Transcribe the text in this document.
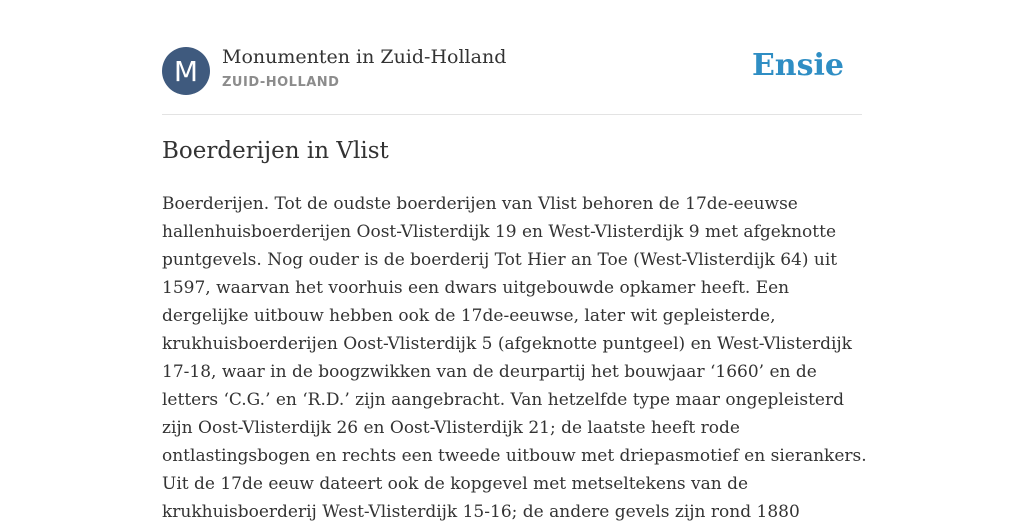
M	Monumenten in Zuid-Holland
ZUID-HOLLAND	Ensie
Boerderijen in Vlist

Boerderijen. Tot de oudste boerderijen van Vlist behoren de 17de-eeuwse
hallenhuisboerderijen Oost-Vlisterdijk 19 en West-Vlisterdijk 9 met afgeknotte
puntgevels. Nog ouder is de boerderij Tot Hier an Toe (West-Vlisterdijk 64) uit
1597, waarvan het voorhuis een dwars uitgebouwde opkamer heeft. Een
dergelijke uitbouw hebben ook de 17de-eeuwse, later wit gepleisterde,
krukhuisboerderijen Oost-Vlisterdijk 5 (afgeknotte puntgeel) en West-Vlisterdijk
17-18, waar in de boogzwikken van de deurpartij het bouwjaar ‘1660’ en de
letters ‘C.G.’ en ‘R.D.’ zijn aangebracht. Van hetzelfde type maar ongepleisterd
zijn Oost-Vlisterdijk 26 en Oost-Vlisterdijk 21; de laatste heeft rode
ontlastingsbogen en rechts een tweede uitbouw met driepasmotief en sierankers.
Uit de 17de eeuw dateert ook de kopgevel met metseltekens van de
krukhuisboerderij West-Vlisterdijk 15-16; de andere gevels zijn rond 1880
